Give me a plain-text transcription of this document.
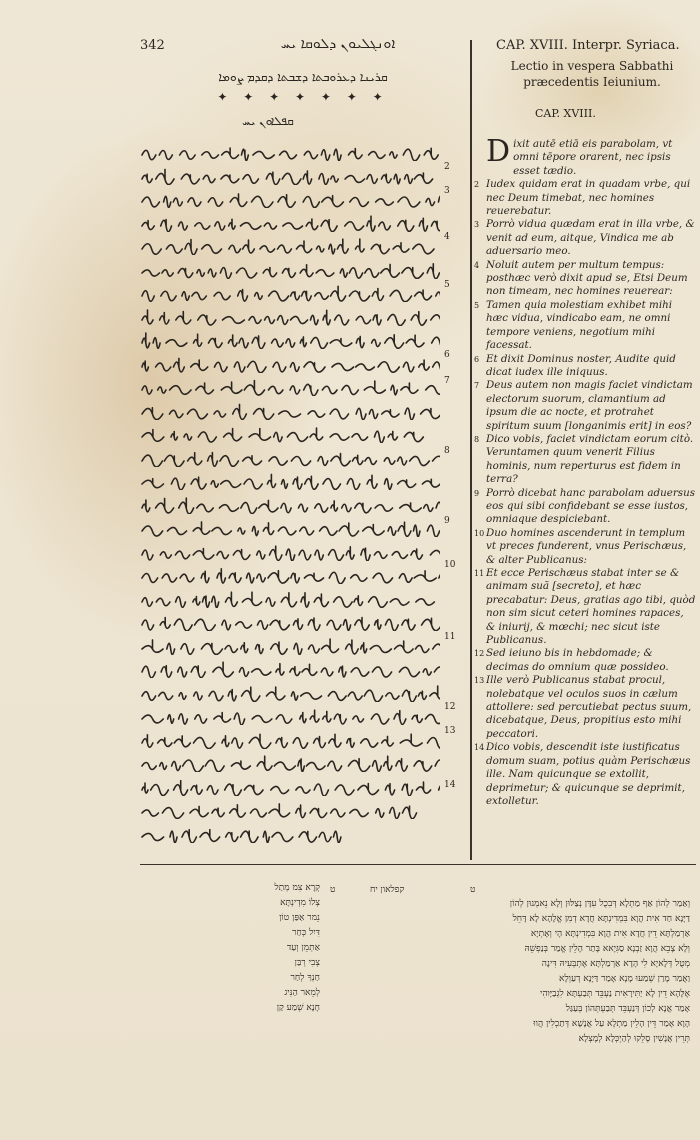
342	ܐܘܢܓܠܝܘܢ ܕܠܘܩܐ ܝܚ
ܩܪܝܢܐ ܕܥܪܘܒܬܐ ܕܫܒܬܐ ܕܩܕܡ ܨܘܡܐ
✦ ✦ ✦ ✦ ✦ ✦ ✦
ܩܦܠܐܘܢ ܝܚ
2
3
4
5
6
7
8
9
10
11
12
13
14
CAP. XVIII. Interpr. Syriaca.
Lectio in vespera Sabbathi præcedentis Ieiunium.
CAP. XVIII.

Dixit autē etiā eis parabolam, vt omni tēpore orarent, nec ipsis esset tædio.

2 Iudex quidam erat in quadam vrbe, qui nec Deum timebat, nec homines reuerebatur.

3 Porrò vidua quædam erat in illa vrbe, & venit ad eum, aitque, Vindica me ab aduersario meo.

4 Noluit autem per multum tempus: posthæc verò dixit apud se, Etsi Deum non timeam, nec homines reuerear:

5 Tamen quia molestiam exhibet mihi hæc vidua, vindicabo eam, ne omni tempore veniens, negotium mihi facessat.

6 Et dixit Dominus noster, Audite quid dicat iudex ille iniquus.

7 Deus autem non magis faciet vindictam electorum suorum, clamantium ad ipsum die ac nocte, et protrahet spiritum suum [longanimis erit] in eos?

8 Dico vobis, faciet vindictam eorum citò. Veruntamen quum venerit Filius hominis, num reperturus est fidem in terra?

9 Porrò dicebat hanc parabolam aduersus eos qui sibi confidebant se esse iustos, omniaque despiciebant.

10 Duo homines ascenderunt in templum vt preces funderent, vnus Perischæus, & alter Publicanus:

11 Et ecce Perischæus stabat inter se & animam suã [secreto], et hæc precabatur: Deus, gratias ago tibi, quòd non sim sicut ceteri homines rapaces, & iniurij, & mœchi; nec sicut iste Publicanus.

12 Sed ieiuno bis in hebdomade; & decimas do omnium quæ possideo.

13 Ille verò Publicanus stabat procul, nolebatque vel oculos suos in cælum attollere: sed percutiebat pectus suum, dicebatque, Deus, propitius esto mihi peccatori.

14 Dico vobis, descendit iste iustificatus domum suam, potius quàm Perischæus ille. Nam quicunque se extollit, deprimetur; & quicunque se deprimit, extolletur.

ט	קפלאון יח	ט
וְאַמַר לְהוֹן אַף מַתְלָא דְּבִכֻל עִדָּן נְצַלּוּן וְלָא נֵאמְנוּן לְהוֹן
דַיָּנָא חַד אִית הֲוָא בִּמְדִינְתָּא חֲדָא דְמִן אֱלָהָא לָא דָּחֵל
אַרְמַלְתָּא דֵין חֲדָא אִית הֲוָא בִּמְדִינְתָּא הָי וְאָתְיָא
וְלָא צָבֵא הֲוָא זַבְנָא סַגִּיָאא בָּתַר הָלֵין אֱמַר בְּנַפְשֵׁהּ
מְטֻל דְּלָאיָא לִי הָדָא אַרְמַלְתָּא אֶתְבְּעִיהּ דִּינָה
וַאֲמַר מָרַן שְׁמַעוּ מָנָא אָמַר דַּיָּנָא דְעַוְלָא
אֶלָּהָא דֵין לָא יַתִּירָאִית נַעְבֵּד תְּבַעְתָּא לִגְבַיָּוהִי
אָמַר אֲנָא לְכוֹן דְּנַעְבֵּד תְּבַעְתְּהוֹן בְּעַגַּל
הָוָא אָמַר דֵּין הָלֵין מַתְלָא עַל אֲנָשָׁא דְּתַכְלִין הֲווּ
תְּרֵין אֲנָשִׁין סְלֵקוּ לְהַיְכְּלָא לְמֶצְלָא
קְרָא צִמ מְתַל
צְלוֹ מִדְינְתָּא
נֵמר אַפַּן טוֹן
דִּיִל כְּחַר
אַתְמֵן וְעַד
צְבִי רְבַּן
חַנְךָ לְחַר
לְמֵאר הַנִּיג
חָנָא שְׁמַע קַן
